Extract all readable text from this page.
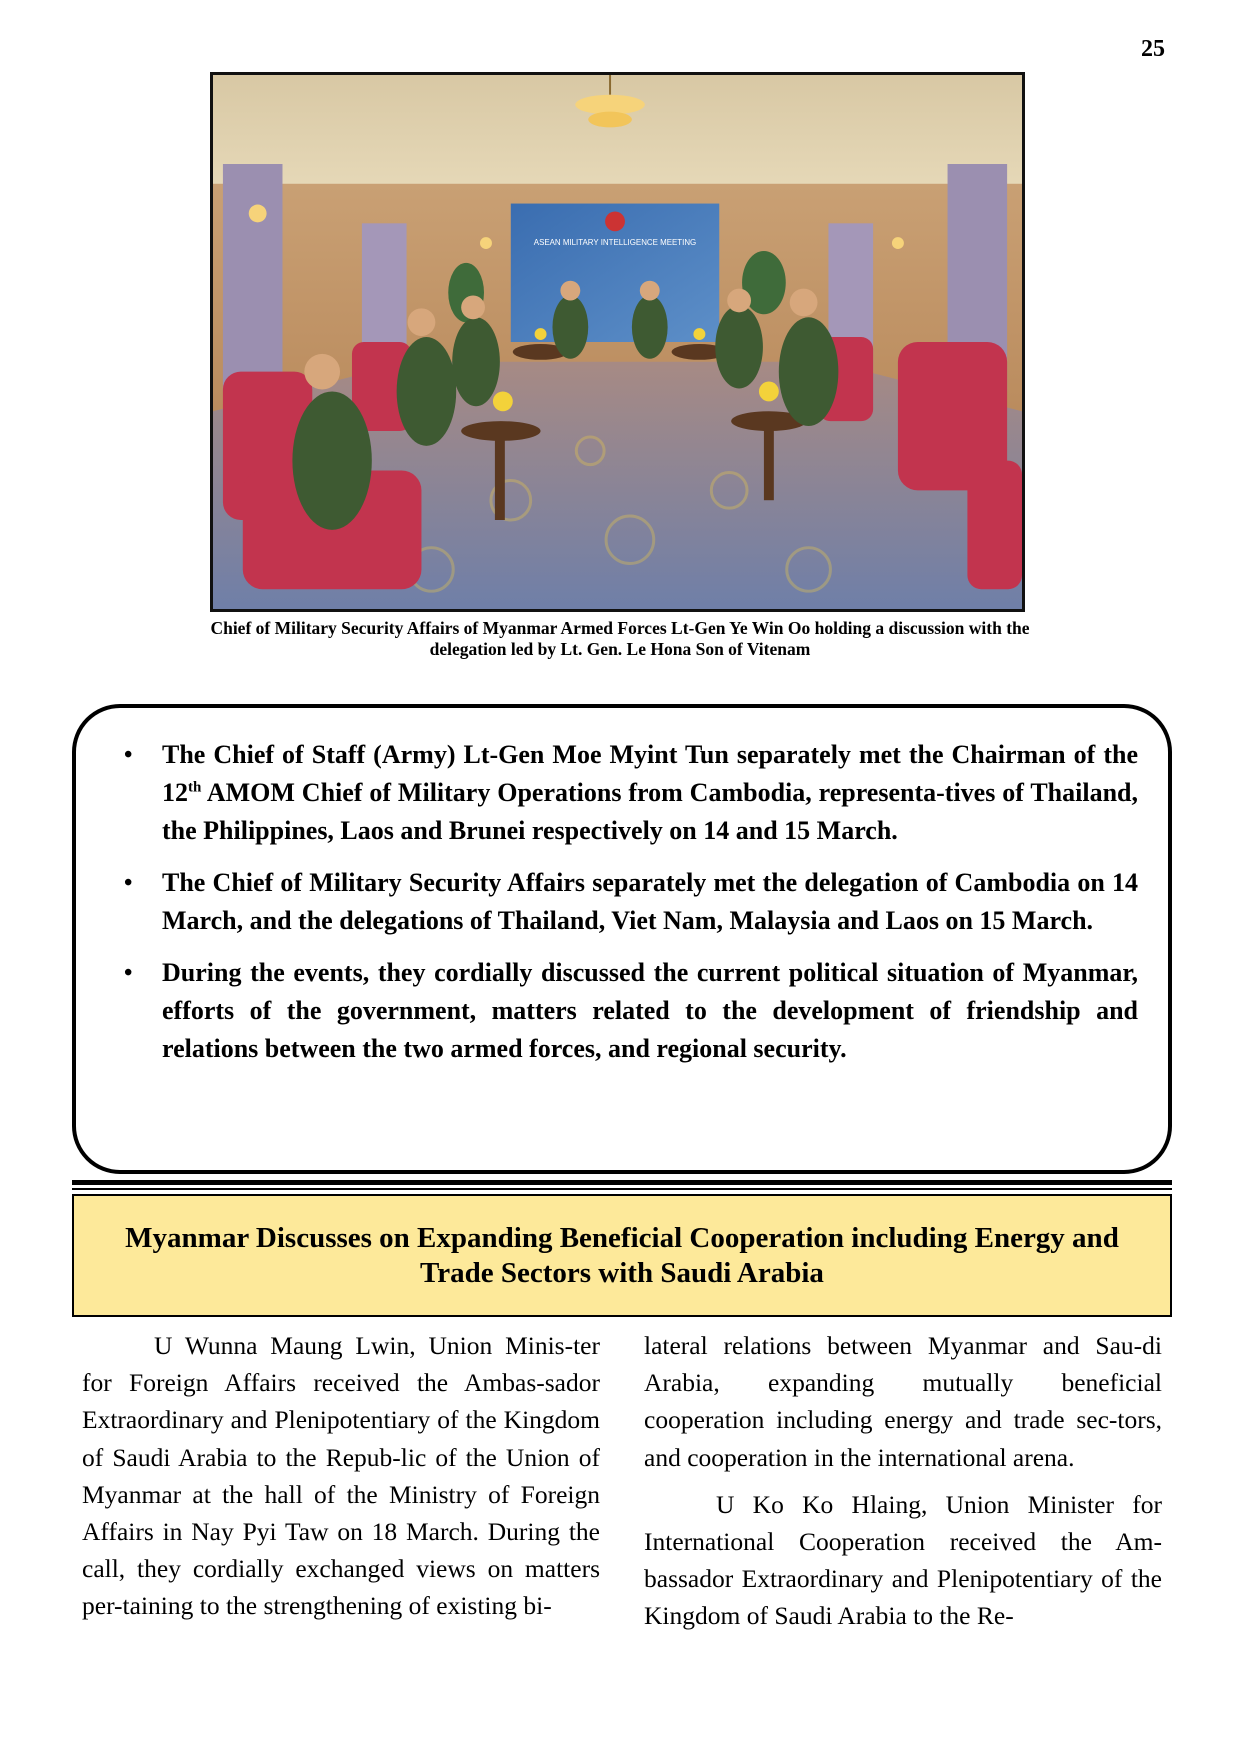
25
ASEAN MILITARY INTELLIGENCE MEETING
Chief of Military Security Affairs of Myanmar Armed Forces Lt-Gen Ye Win Oo holding a discussion with the
delegation led by Lt. Gen. Le Hona Son of Vitenam
• The Chief of Staff (Army) Lt-Gen Moe Myint Tun separately met the Chairman of the 12th AMOM Chief of Military Operations from Cambodia, representa-tives of Thailand, the Philippines, Laos and Brunei respectively on 14 and 15 March.
• The Chief of Military Security Affairs separately met the delegation of Cambodia on 14 March, and the delegations of Thailand, Viet Nam, Malaysia and Laos on 15 March.
• During the events, they cordially discussed the current political situation of Myanmar, efforts of the government, matters related to the development of friendship and relations between the two armed forces, and regional security.
Myanmar Discusses on Expanding Beneficial Cooperation including Energy and Trade Sectors with Saudi Arabia

U Wunna Maung Lwin, Union Minis-ter for Foreign Affairs received the Ambas-sador Extraordinary and Plenipotentiary of the Kingdom of Saudi Arabia to the Repub-lic of the Union of Myanmar at the hall of the Ministry of Foreign Affairs in Nay Pyi Taw on 18 March. During the call, they cordially exchanged views on matters per-taining to the strengthening of existing bi-

lateral relations between Myanmar and Sau-di Arabia, expanding mutually beneficial cooperation including energy and trade sec-tors, and cooperation in the international arena.

U Ko Ko Hlaing, Union Minister for International Cooperation received the Am-bassador Extraordinary and Plenipotentiary of the Kingdom of Saudi Arabia to the Re-
